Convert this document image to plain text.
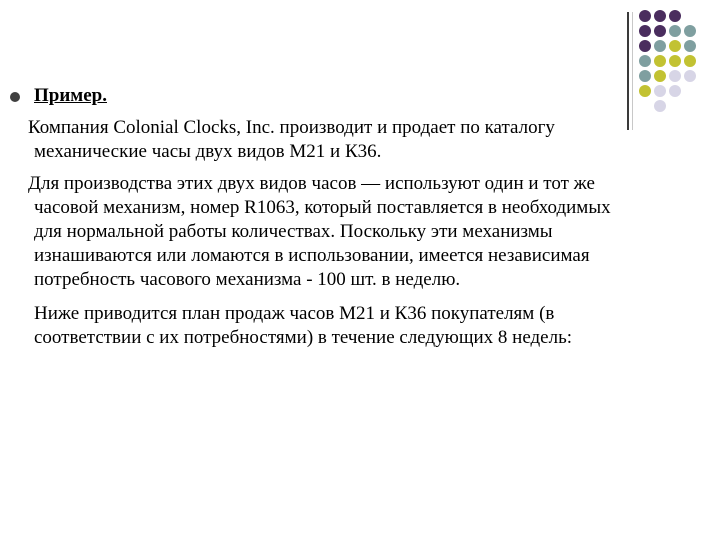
Пример.
Компания Colonial Clocks, Inc. производит и продает по каталогу
механические часы двух видов М21 и К36.
Для производства этих двух видов часов — используют один и тот же
часовой механизм, номер R1063, который поставляется в необходимых
для нормальной работы количествах. Поскольку эти механизмы
изнашиваются или ломаются в использовании, имеется независимая
потребность часового механизма - 100 шт. в неделю.
Ниже приводится план продаж часов М21 и К36 покупателям (в
соответствии с их потребностями) в течение следующих 8 недель:
